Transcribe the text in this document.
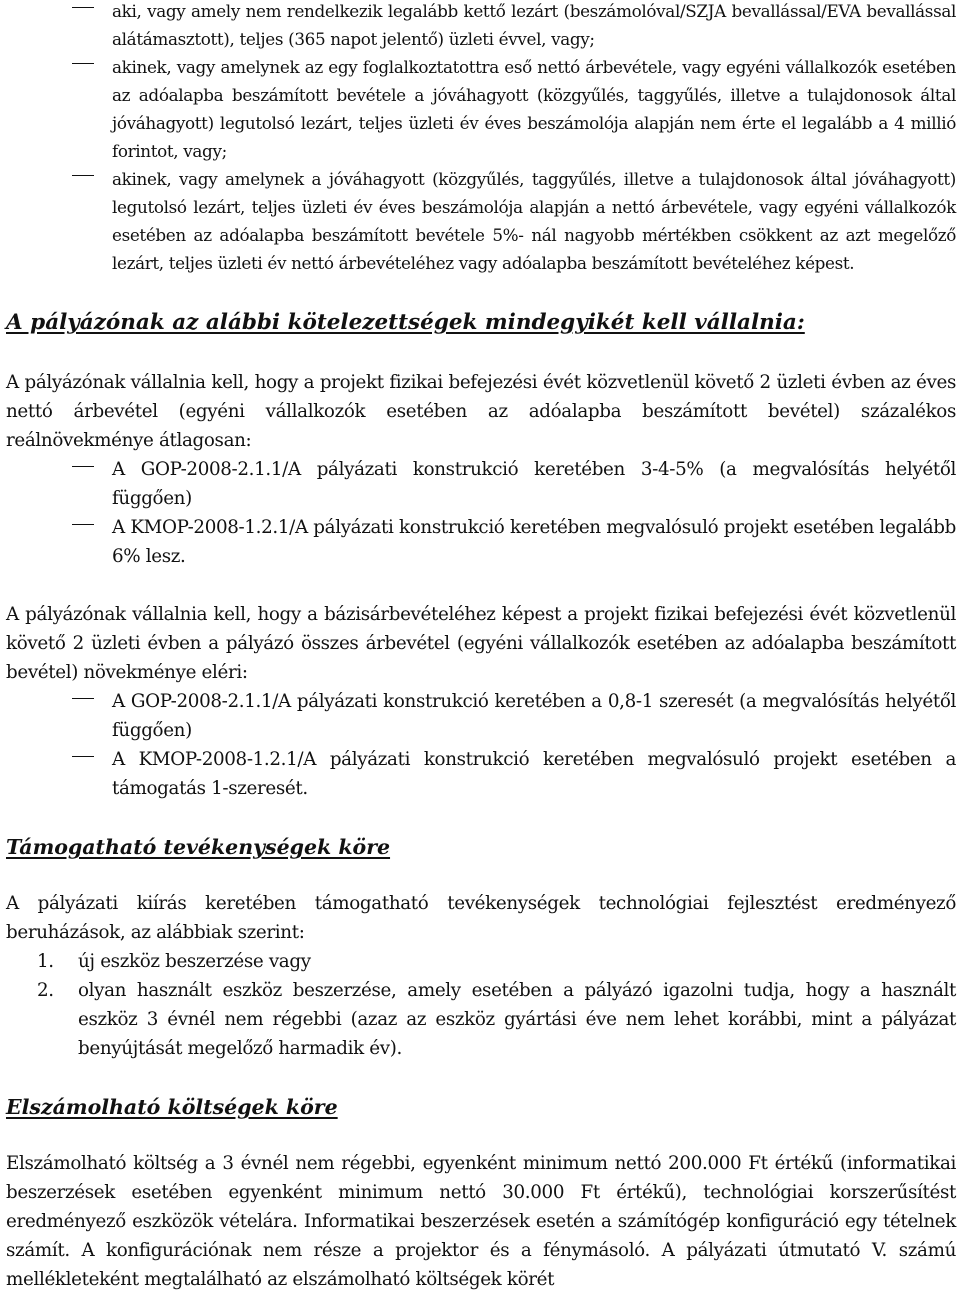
aki, vagy amely nem rendelkezik legalább kettő lezárt (beszámolóval/SZJA bevallással/EVA bevallással alátámasztott), teljes (365 napot jelentő) üzleti évvel, vagy;
akinek, vagy amelynek az egy foglalkoztatottra eső nettó árbevétele, vagy egyéni vállalkozók esetében az adóalapba beszámított bevétele a jóváhagyott (közgyűlés, taggyűlés, illetve a tulajdonosok által jóváhagyott) legutolsó lezárt, teljes üzleti év éves beszámolója alapján nem érte el legalább a 4 millió forintot, vagy;
akinek, vagy amelynek a jóváhagyott (közgyűlés, taggyűlés, illetve a tulajdonosok által jóváhagyott) legutolsó lezárt, teljes üzleti év éves beszámolója alapján a nettó árbevétele, vagy egyéni vállalkozók esetében az adóalapba beszámított bevétele 5%- nál nagyobb mértékben csökkent az azt megelőző lezárt, teljes üzleti év nettó árbevételéhez vagy adóalapba beszámított bevételéhez képest.
A pályázónak az alábbi kötelezettségek mindegyikét kell vállalnia:

A pályázónak vállalnia kell, hogy a projekt fizikai befejezési évét közvetlenül követő 2 üzleti évben az éves nettó árbevétel (egyéni vállalkozók esetében az adóalapba beszámított bevétel) százalékos reálnövekménye átlagosan:

A GOP-2008-2.1.1/A pályázati konstrukció keretében 3-4-5% (a megvalósítás helyétől függően)
A KMOP-2008-1.2.1/A pályázati konstrukció keretében megvalósuló projekt esetében legalább 6% lesz.

A pályázónak vállalnia kell, hogy a bázisárbevételéhez képest a projekt fizikai befejezési évét közvetlenül követő 2 üzleti évben a pályázó összes árbevétel (egyéni vállalkozók esetében az adóalapba beszámított bevétel) növekménye eléri:

A GOP-2008-2.1.1/A pályázati konstrukció keretében a 0,8-1 szeresét (a megvalósítás helyétől függően)
A KMOP-2008-1.2.1/A pályázati konstrukció keretében megvalósuló projekt esetében a támogatás 1-szeresét.
Támogatható tevékenységek köre

A pályázati kiírás keretében támogatható tevékenységek technológiai fejlesztést eredményező beruházások, az alábbiak szerint:

1. új eszköz beszerzése vagy
2. olyan használt eszköz beszerzése, amely esetében a pályázó igazolni tudja, hogy a használt eszköz 3 évnél nem régebbi (azaz az eszköz gyártási éve nem lehet korábbi, mint a pályázat benyújtását megelőző harmadik év).
Elszámolható költségek köre

Elszámolható költség a 3 évnél nem régebbi, egyenként minimum nettó 200.000 Ft értékű (informatikai beszerzések esetében egyenként minimum nettó 30.000 Ft értékű), technológiai korszerűsítést eredményező eszközök vételára. Informatikai beszerzések esetén a számítógép konfiguráció egy tételnek számít. A konfigurációnak nem része a projektor és a fénymásoló. A pályázati útmutató V. számú mellékleteként megtalálható az elszámolható költségek körét
